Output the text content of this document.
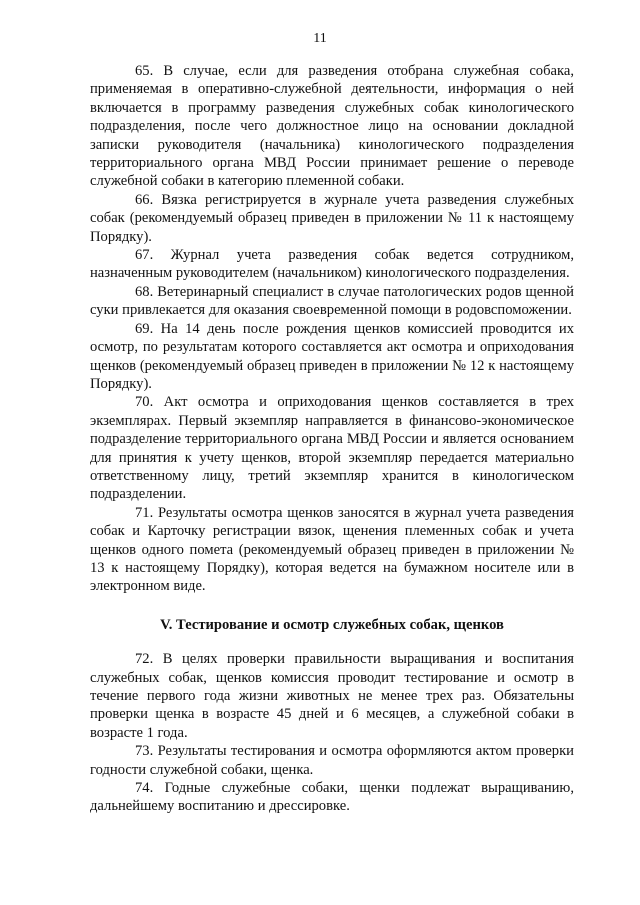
11

65. В случае, если для разведения отобрана служебная собака, применяемая в оперативно-служебной деятельности, информация о ней включается в программу разведения служебных собак кинологического подразделения, после чего должностное лицо на основании докладной записки руководителя (начальника) кинологического подразделения территориального органа МВД России принимает решение о переводе служебной собаки в категорию племенной собаки.

66. Вязка регистрируется в журнале учета разведения служебных собак (рекомендуемый образец приведен в приложении № 11 к настоящему Порядку).

67. Журнал учета разведения собак ведется сотрудником, назначенным руководителем (начальником) кинологического подразделения.

68. Ветеринарный специалист в случае патологических родов щенной суки привлекается для оказания своевременной помощи в родовспоможении.

69. На 14 день после рождения щенков комиссией проводится их осмотр, по результатам которого составляется акт осмотра и оприходования щенков (рекомендуемый образец приведен в приложении № 12 к настоящему Порядку).

70. Акт осмотра и оприходования щенков составляется в трех экземплярах. Первый экземпляр направляется в финансово-экономическое подразделение территориального органа МВД России и является основанием для принятия к учету щенков, второй экземпляр передается материально ответственному лицу, третий экземпляр хранится в кинологическом подразделении.

71. Результаты осмотра щенков заносятся в журнал учета разведения собак и Карточку регистрации вязок, щенения племенных собак и учета щенков одного помета (рекомендуемый образец приведен в приложении № 13 к настоящему Порядку), которая ведется на бумажном носителе или в электронном виде.

V. Тестирование и осмотр служебных собак, щенков

72. В целях проверки правильности выращивания и воспитания служебных собак, щенков комиссия проводит тестирование и осмотр в течение первого года жизни животных не менее трех раз. Обязательны проверки щенка в возрасте 45 дней и 6 месяцев, а служебной собаки в возрасте 1 года.

73. Результаты тестирования и осмотра оформляются актом проверки годности служебной собаки, щенка.

74. Годные служебные собаки, щенки подлежат выращиванию, дальнейшему воспитанию и дрессировке.
